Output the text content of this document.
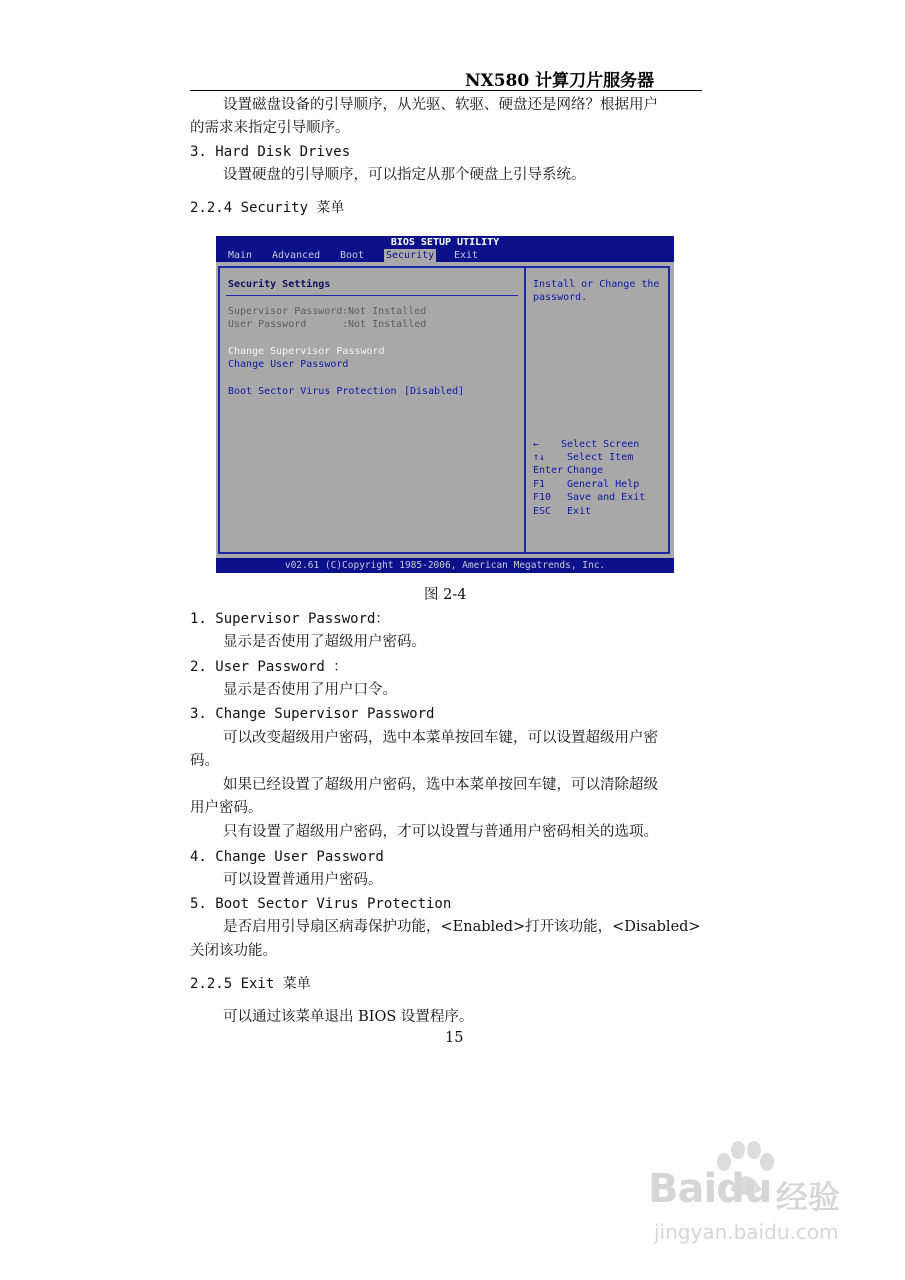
NX580 计算刀片服务器
设置磁盘设备的引导顺序，从光驱、软驱、硬盘还是网络？根据用户
的需求来指定引导顺序。
3. Hard Disk Drives
设置硬盘的引导顺序，可以指定从那个硬盘上引导系统。
2.2.4 Security 菜单
BIOS SETUP UTILITY
Main Advanced Boot Security Exit
Security Settings
Supervisor Password :Not Installed
User Password	:Not Installed
Change Supervisor Password
Change User Password
Boot Sector Virus Protection [Disabled]
Install or Change the
password.
← Select Screen
↑↓ Select Item
Enter Change
F1 General Help
F10 Save and Exit
ESC Exit
v02.61 (C)Copyright 1985-2006, American Megatrends, Inc.
图 2-4
1. Supervisor Password：
显示是否使用了超级用户密码。
2. User Password ：
显示是否使用了用户口令。
3. Change Supervisor Password
可以改变超级用户密码，选中本菜单按回车键，可以设置超级用户密
码。
如果已经设置了超级用户密码，选中本菜单按回车键，可以清除超级
用户密码。
只有设置了超级用户密码，才可以设置与普通用户密码相关的选项。
4. Change User Password
可以设置普通用户密码。
5. Boot Sector Virus Protection
是否启用引导扇区病毒保护功能，<Enabled>打开该功能，<Disabled>
关闭该功能。
2.2.5 Exit 菜单
可以通过该菜单退出 BIOS 设置程序。
15
Baidu 经验
jingyan.baidu.com
